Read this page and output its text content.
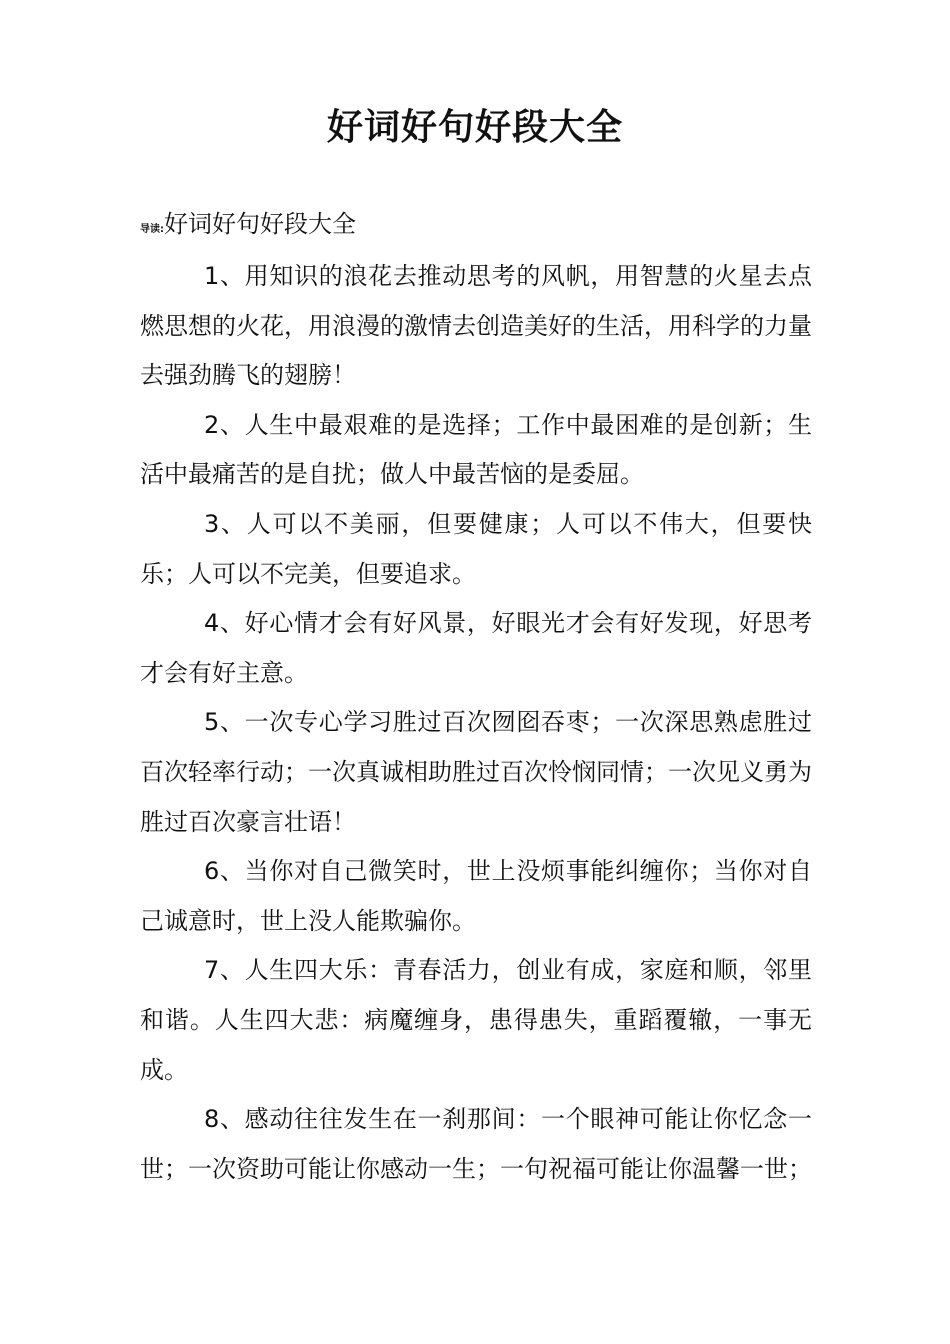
好词好句好段大全
导读:好词好句好段大全

1、用知识的浪花去推动思考的风帆，用智慧的火星去点燃思想的火花，用浪漫的激情去创造美好的生活，用科学的力量去强劲腾飞的翅膀！

2、人生中最艰难的是选择；工作中最困难的是创新；生活中最痛苦的是自扰；做人中最苦恼的是委屈。

3、人可以不美丽，但要健康；人可以不伟大，但要快乐；人可以不完美，但要追求。

4、好心情才会有好风景，好眼光才会有好发现，好思考才会有好主意。

5、一次专心学习胜过百次囫囵吞枣；一次深思熟虑胜过百次轻率行动；一次真诚相助胜过百次怜悯同情；一次见义勇为胜过百次豪言壮语！

6、当你对自己微笑时，世上没烦事能纠缠你；当你对自己诚意时，世上没人能欺骗你。

7、人生四大乐：青春活力，创业有成，家庭和顺，邻里和谐。人生四大悲：病魔缠身，患得患失，重蹈覆辙，一事无成。

8、感动往往发生在一刹那间：一个眼神可能让你忆念一世；一次资助可能让你感动一生；一句祝福可能让你温馨一世；
